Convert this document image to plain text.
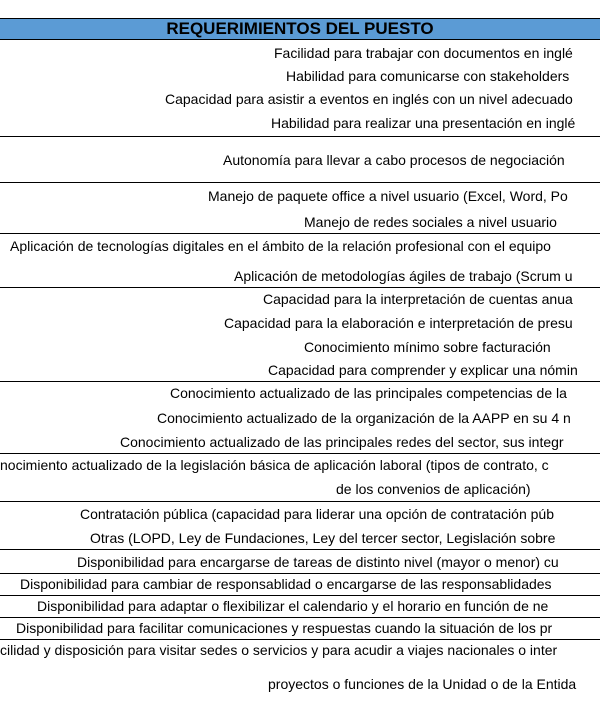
REQUERIMIENTOS DEL PUESTO
Facilidad para trabajar con documentos en inglé
Habilidad para comunicarse con stakeholders
Capacidad para asistir a eventos en inglés con un nivel adecuado
Habilidad para realizar una presentación en inglé
Autonomía para llevar a cabo procesos de negociación
Manejo de paquete office a nivel usuario (Excel, Word, Po
Manejo de redes sociales a nivel usuario
Aplicación de tecnologías digitales en el ámbito de la relación profesional con el equipo
Aplicación de metodologías ágiles de trabajo (Scrum u
Capacidad para la interpretación de cuentas anua
Capacidad para la elaboración e interpretación de presu
Conocimiento mínimo sobre facturación
Capacidad para comprender y explicar una nómin
Conocimiento actualizado de las principales competencias de la
Conocimiento actualizado de la organización de la AAPP en su 4 n
Conocimiento actualizado de las principales redes del sector, sus integr
nocimiento actualizado de la legislación básica de aplicación laboral (tipos de contrato, c
de los convenios de aplicación)
Contratación pública (capacidad para liderar una opción de contratación púb
Otras (LOPD, Ley de Fundaciones, Ley del tercer sector, Legislación sobre
Disponibilidad para encargarse de tareas de distinto nivel (mayor o menor) cu
Disponibilidad para cambiar de responsablidad o encargarse de las responsablidades
Disponibilidad para adaptar o flexibilizar el calendario y el horario en función de ne
Disponibilidad para facilitar comunicaciones y respuestas cuando la situación de los pr
cilidad y disposición para visitar sedes o servicios y para acudir a viajes nacionales o inter
proyectos o funciones de la Unidad o de la Entida
